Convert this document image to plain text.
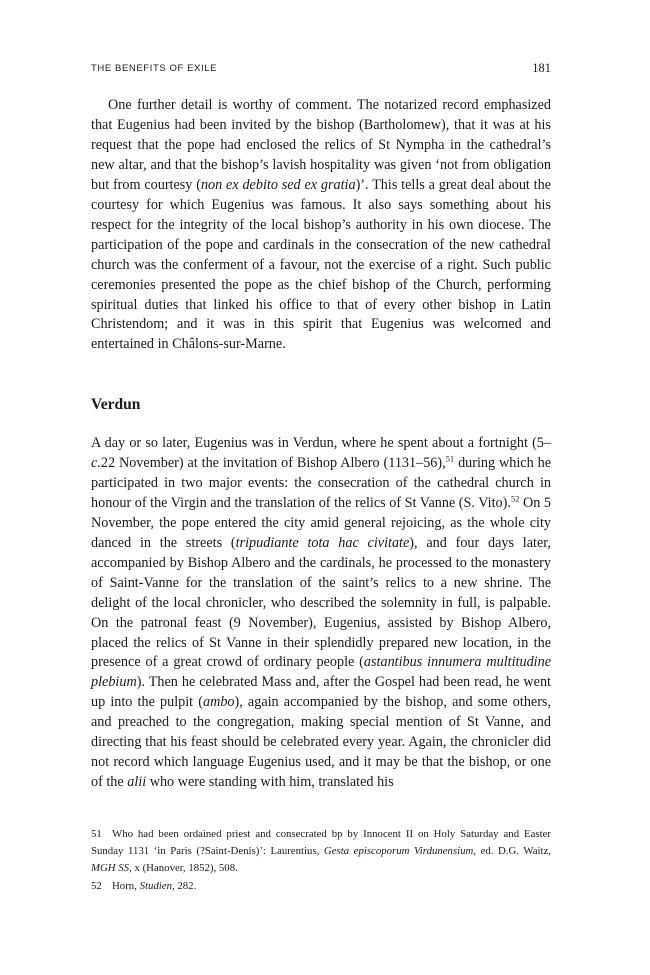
THE BENEFITS OF EXILE	181

One further detail is worthy of comment. The notarized record emphasized that Eugenius had been invited by the bishop (Bartholomew), that it was at his request that the pope had enclosed the relics of St Nympha in the cathedral’s new altar, and that the bishop’s lavish hospitality was given ‘not from obligation but from courtesy (non ex debito sed ex gratia)’. This tells a great deal about the courtesy for which Eugenius was famous. It also says something about his respect for the integrity of the local bishop’s authority in his own diocese. The participation of the pope and cardinals in the consecration of the new cathedral church was the conferment of a favour, not the exercise of a right. Such public ceremonies presented the pope as the chief bishop of the Church, performing spiritual duties that linked his office to that of every other bishop in Latin Christendom; and it was in this spirit that Eugenius was welcomed and entertained in Châlons-sur-Marne.

Verdun

A day or so later, Eugenius was in Verdun, where he spent about a fortnight (5–c.22 November) at the invitation of Bishop Albero (1131–56),$^{51}$ during which he participated in two major events: the consecration of the cathedral church in honour of the Virgin and the translation of the relics of St Vanne (S. Vito).$^{52}$ On 5 November, the pope entered the city amid general rejoicing, as the whole city danced in the streets (tripudiante tota hac civitate), and four days later, accompanied by Bishop Albero and the cardinals, he processed to the monastery of Saint-Vanne for the translation of the saint’s relics to a new shrine. The delight of the local chronicler, who described the solemnity in full, is palpable. On the patronal feast (9 November), Eugenius, assisted by Bishop Albero, placed the relics of St Vanne in their splendidly prepared new location, in the presence of a great crowd of ordinary people (astantibus innumera multitudine plebium). Then he celebrated Mass and, after the Gospel had been read, he went up into the pulpit (ambo), again accompanied by the bishop, and some others, and preached to the congregation, making special mention of St Vanne, and directing that his feast should be celebrated every year. Again, the chronicler did not record which language Eugenius used, and it may be that the bishop, or one of the alii who were standing with him, translated his

51 Who had been ordained priest and consecrated bp by Innocent II on Holy Saturday and Easter Sunday 1131 ‘in Paris (?Saint-Denis)’: Laurentius, Gesta episcoporum Virdunensium, ed. D.G. Waitz, MGH SS, x (Hanover, 1852), 508.

52 Horn, Studien, 282.
